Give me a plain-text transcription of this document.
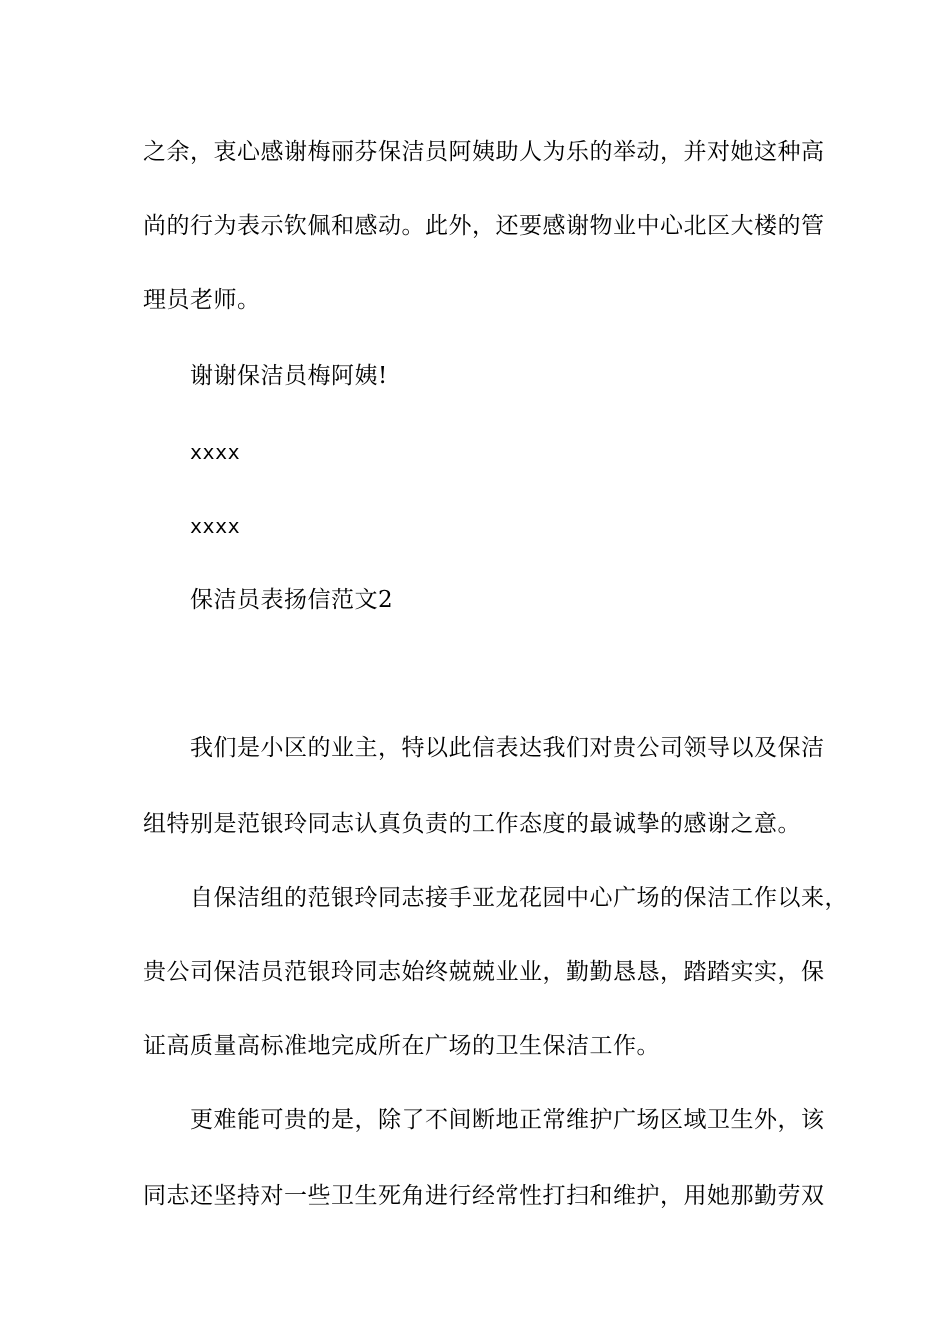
之余，衷心感谢梅丽芬保洁员阿姨助人为乐的举动，并对她这种高
尚的行为表示钦佩和感动。此外，还要感谢物业中心北区大楼的管
理员老师。
谢谢保洁员梅阿姨!
xxxx
xxxx
保洁员表扬信范文2
我们是小区的业主，特以此信表达我们对贵公司领导以及保洁
组特别是范银玲同志认真负责的工作态度的最诚挚的感谢之意。
自保洁组的范银玲同志接手亚龙花园中心广场的保洁工作以来，
贵公司保洁员范银玲同志始终兢兢业业，勤勤恳恳，踏踏实实，保
证高质量高标准地完成所在广场的卫生保洁工作。
更难能可贵的是，除了不间断地正常维护广场区域卫生外，该
同志还坚持对一些卫生死角进行经常性打扫和维护，用她那勤劳双
